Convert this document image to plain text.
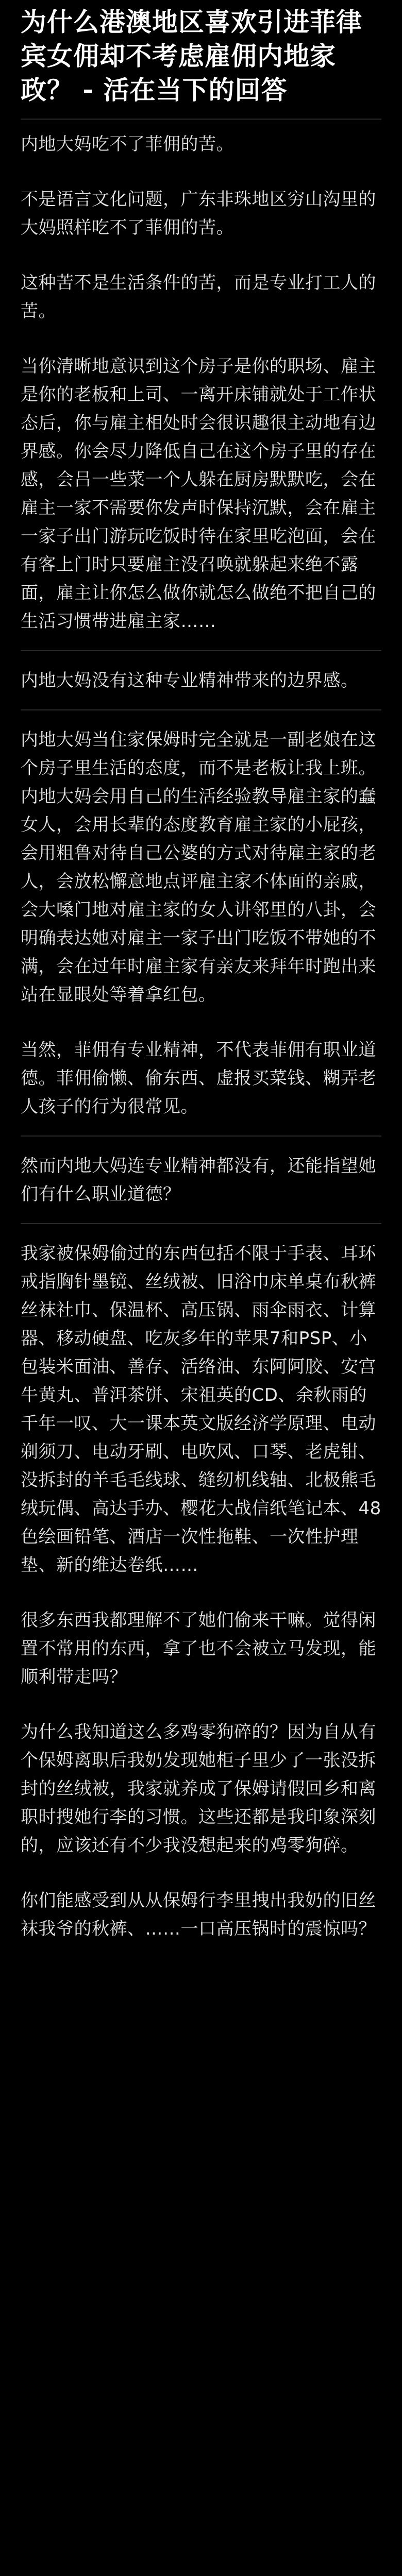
为什么港澳地区喜欢引进菲律宾女佣却不考虑雇佣内地家政？ - 活在当下的回答

内地大妈吃不了菲佣的苦。

不是语言文化问题，广东非珠地区穷山沟里的大妈照样吃不了菲佣的苦。

这种苦不是生活条件的苦，而是专业打工人的苦。

当你清晰地意识到这个房子是你的职场、雇主是你的老板和上司、一离开床铺就处于工作状态后，你与雇主相处时会很识趣很主动地有边界感。你会尽力降低自己在这个房子里的存在感，会吕一些菜一个人躲在厨房默默吃，会在雇主一家不需要你发声时保持沉默，会在雇主一家子出门游玩吃饭时待在家里吃泡面，会在有客上门时只要雇主没召唤就躲起来绝不露面，雇主让你怎么做你就怎么做绝不把自己的生活习惯带进雇主家……

内地大妈没有这种专业精神带来的边界感。

内地大妈当住家保姆时完全就是一副老娘在这个房子里生活的态度，而不是老板让我上班。内地大妈会用自己的生活经验教导雇主家的蠢女人，会用长辈的态度教育雇主家的小屁孩，会用粗鲁对待自己公婆的方式对待雇主家的老人，会放松懈意地点评雇主家不体面的亲戚，会大嗓门地对雇主家的女人讲邻里的八卦，会明确表达她对雇主一家子出门吃饭不带她的不满，会在过年时雇主家有亲友来拜年时跑出来站在显眼处等着拿红包。

当然，菲佣有专业精神，不代表菲佣有职业道德。菲佣偷懒、偷东西、虚报买菜钱、糊弄老人孩子的行为很常见。

然而内地大妈连专业精神都没有，还能指望她们有什么职业道德？

我家被保姆偷过的东西包括不限于手表、耳环戒指胸针墨镜、丝绒被、旧浴巾床单桌布秋裤丝袜社巾、保温杯、高压锅、雨伞雨衣、计算器、移动硬盘、吃灰多年的苹果7和PSP、小包装米面油、善存、活络油、东阿阿胶、安宫牛黄丸、普洱茶饼、宋祖英的CD、余秋雨的千年一叹、大一课本英文版经济学原理、电动剃须刀、电动牙刷、电吹风、口琴、老虎钳、没拆封的羊毛毛线球、缝纫机线轴、北极熊毛绒玩偶、高达手办、樱花大战信纸笔记本、48色绘画铅笔、酒店一次性拖鞋、一次性护理垫、新的维达卷纸……

很多东西我都理解不了她们偷来干嘛。觉得闲置不常用的东西，拿了也不会被立马发现，能顺利带走吗？

为什么我知道这么多鸡零狗碎的？因为自从有个保姆离职后我奶发现她柜子里少了一张没拆封的丝绒被，我家就养成了保姆请假回乡和离职时搜她行李的习惯。这些还都是我印象深刻的，应该还有不少我没想起来的鸡零狗碎。

你们能感受到从从保姆行李里拽出我奶的旧丝袜我爷的秋裤、……一口高压锅时的震惊吗？
